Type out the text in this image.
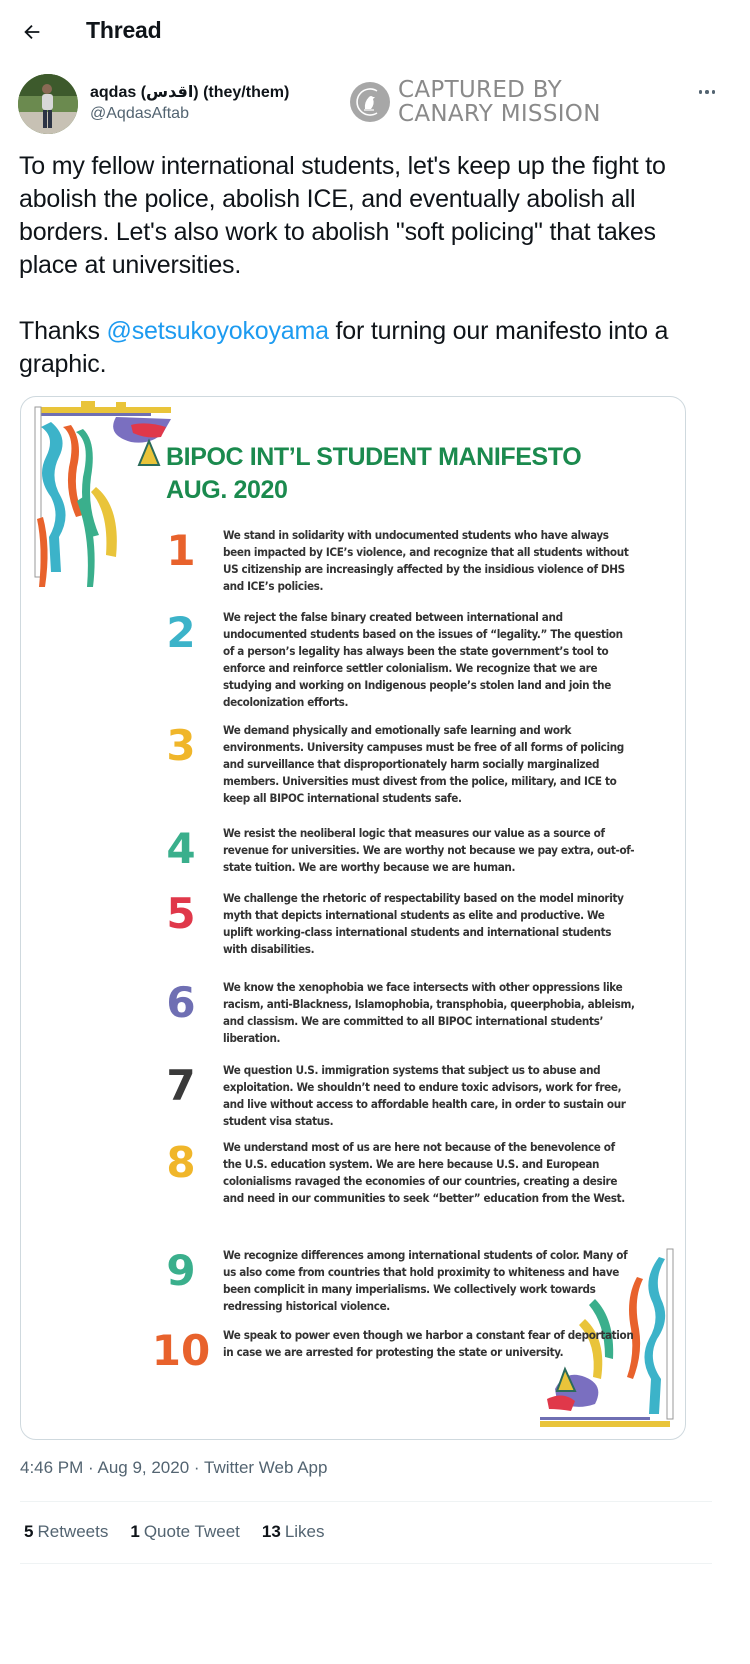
Thread
aqdas (اقدس) (they/them)
@AqdasAftab
CAPTURED BY
CANARY MISSION

To my fellow international students, let's keep up the fight to abolish the police, abolish ICE, and eventually abolish all borders. Let's also work to abolish "soft policing" that takes place at universities.

Thanks @setsukoyokoyama for turning our manifesto into a graphic.

BIPOC INT’L STUDENT MANIFESTO
AUG. 2020
1	We stand in solidarity with undocumented students who have always been impacted by ICE’s violence, and recognize that all students without US citizenship are increasingly affected by the insidious violence of DHS and ICE’s policies.
2	We reject the false binary created between international and undocumented students based on the issues of “legality.” The question of a person’s legality has always been the state government’s tool to enforce and reinforce settler colonialism. We recognize that we are studying and working on Indigenous people’s stolen land and join the decolonization efforts.
3	We demand physically and emotionally safe learning and work environments. University campuses must be free of all forms of policing and surveillance that disproportionately harm socially marginalized members. Universities must divest from the police, military, and ICE to keep all BIPOC international students safe.
4	We resist the neoliberal logic that measures our value as a source of revenue for universities. We are worthy not because we pay extra, out-of-state tuition. We are worthy because we are human.
5	We challenge the rhetoric of respectability based on the model minority myth that depicts international students as elite and productive. We uplift working-class international students and international students with disabilities.
6	We know the xenophobia we face intersects with other oppressions like racism, anti-Blackness, Islamophobia, transphobia, queerphobia, ableism, and classism. We are committed to all BIPOC international students’ liberation.
7	We question U.S. immigration systems that subject us to abuse and exploitation. We shouldn’t need to endure toxic advisors, work for free, and live without access to affordable health care, in order to sustain our student visa status.
8	We understand most of us are here not because of the benevolence of the U.S. education system. We are here because U.S. and European colonialisms ravaged the economies of our countries, creating a desire and need in our communities to seek “better” education from the West.
9	We recognize differences among international students of color. Many of us also come from countries that hold proximity to whiteness and have been complicit in many imperialisms. We collectively work towards redressing historical violence.
10 We speak to power even though we harbor a constant fear of deportation in case we are arrested for protesting the state or university.
4:46 PM · Aug 9, 2020 · Twitter Web App
5 Retweets 1 Quote Tweet 13 Likes
